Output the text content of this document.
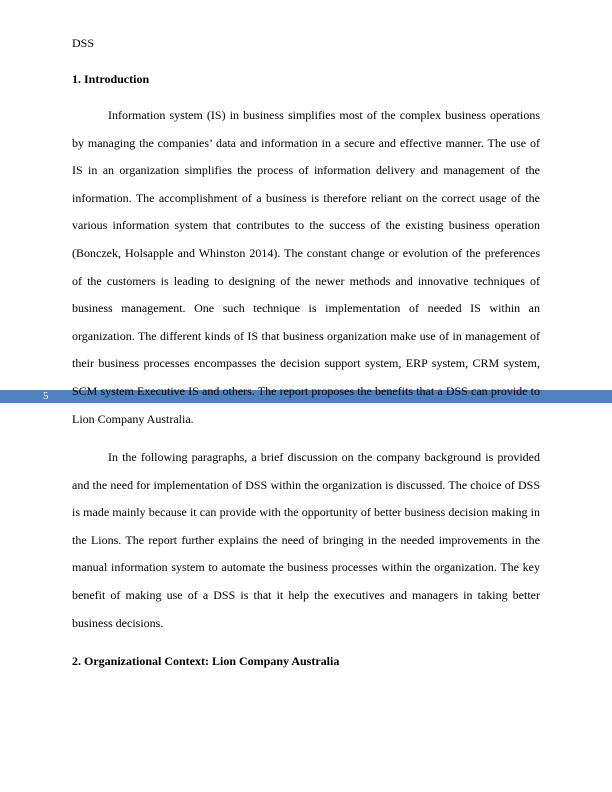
DSS
1. Introduction

Information system (IS) in business simplifies most of the complex business operations by managing the companies’ data and information in a secure and effective manner. The use of IS in an organization simplifies the process of information delivery and management of the information. The accomplishment of a business is therefore reliant on the correct usage of the various information system that contributes to the success of the existing business operation (Bonczek, Holsapple and Whinston 2014). The constant change or evolution of the preferences of the customers is leading to designing of the newer methods and innovative techniques of business management. One such technique is implementation of needed IS within an organization. The different kinds of IS that business organization make use of in management of their business processes encompasses the decision support system, ERP system, CRM system, SCM system Executive IS and others. The report proposes the benefits that a DSS can provide to Lion Company Australia.

5

In the following paragraphs, a brief discussion on the company background is provided and the need for implementation of DSS within the organization is discussed. The choice of DSS is made mainly because it can provide with the opportunity of better business decision making in the Lions. The report further explains the need of bringing in the needed improvements in the manual information system to automate the business processes within the organization. The key benefit of making use of a DSS is that it help the executives and managers in taking better business decisions.

2. Organizational Context: Lion Company Australia
